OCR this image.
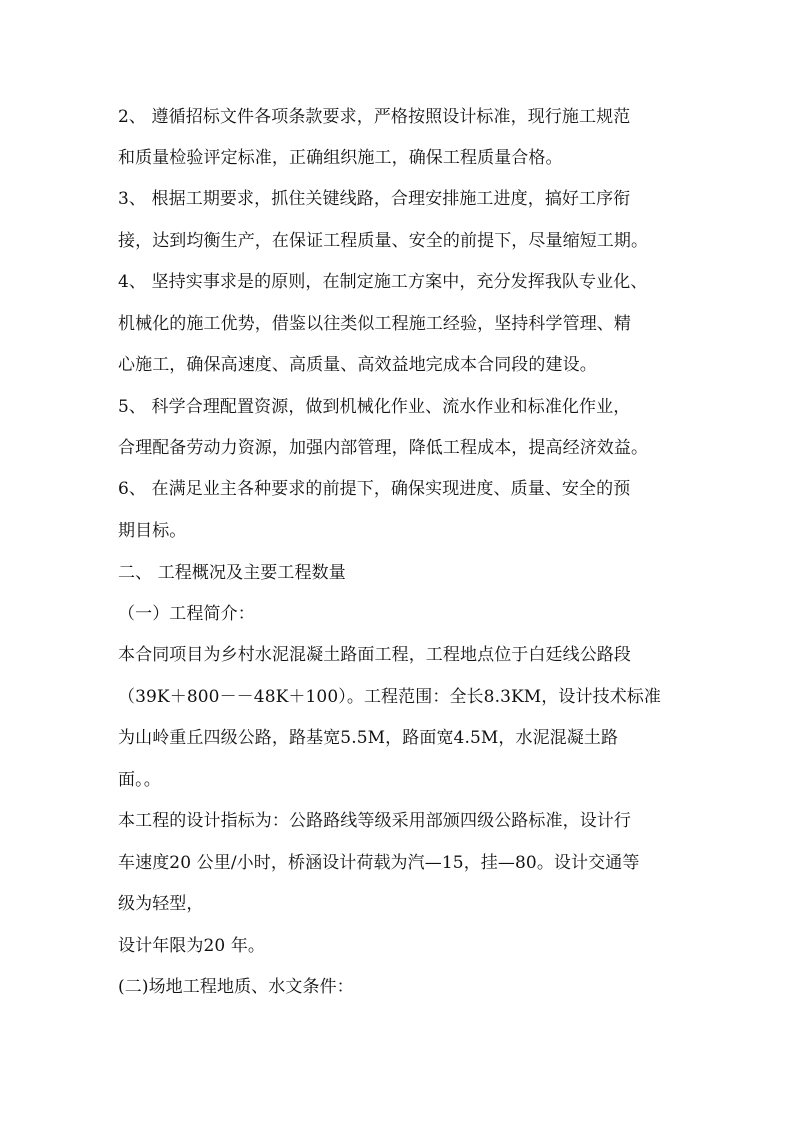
2、 遵循招标文件各项条款要求，严格按照设计标准，现行施工规范
和质量检验评定标准，正确组织施工，确保工程质量合格。
3、 根据工期要求，抓住关键线路，合理安排施工进度，搞好工序衔
接，达到均衡生产，在保证工程质量、安全的前提下，尽量缩短工期。
4、 坚持实事求是的原则，在制定施工方案中，充分发挥我队专业化、
机械化的施工优势，借鉴以往类似工程施工经验，坚持科学管理、精
心施工，确保高速度、高质量、高效益地完成本合同段的建设。
5、 科学合理配置资源，做到机械化作业、流水作业和标准化作业，
合理配备劳动力资源，加强内部管理，降低工程成本，提高经济效益。
6、 在满足业主各种要求的前提下，确保实现进度、质量、安全的预
期目标。
二、 工程概况及主要工程数量
（一）工程简介：
本合同项目为乡村水泥混凝土路面工程，工程地点位于白廷线公路段
（39K＋800－－48K＋100）。工程范围：全长8.3KM，设计技术标准
为山岭重丘四级公路，路基宽5.5M，路面宽4.5M，水泥混凝土路
面。。
本工程的设计指标为：公路路线等级采用部颁四级公路标准，设计行
车速度20 公里/小时，桥涵设计荷载为汽—15，挂—80。设计交通等
级为轻型，
设计年限为20 年。
(二)场地工程地质、水文条件：
